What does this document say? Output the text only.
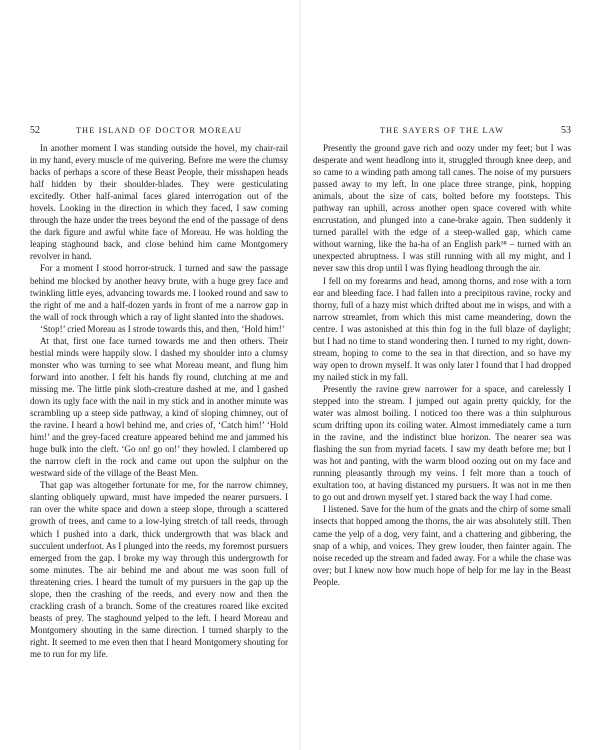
52	THE ISLAND OF DOCTOR MOREAU

In another moment I was standing outside the hovel, my chair-rail in my hand, every muscle of me quivering. Before me were the clumsy backs of perhaps a score of these Beast People, their misshapen heads half hidden by their shoulder-blades. They were gesticulating excitedly. Other half-animal faces glared interrogation out of the hovels. Looking in the direction in which they faced, I saw coming through the haze under the trees beyond the end of the passage of dens the dark figure and awful white face of Moreau. He was holding the leaping staghound back, and close behind him came Montgomery revolver in hand.

For a moment I stood horror-struck. I turned and saw the passage behind me blocked by another heavy brute, with a huge grey face and twinkling little eyes, advancing towards me. I looked round and saw to the right of me and a half-dozen yards in front of me a narrow gap in the wall of rock through which a ray of light slanted into the shadows.

‘Stop!’ cried Moreau as I strode towards this, and then, ‘Hold him!’

At that, first one face turned towards me and then others. Their bestial minds were happily slow. I dashed my shoulder into a clumsy monster who was turning to see what Moreau meant, and flung him forward into another. I felt his hands fly round, clutching at me and missing me. The little pink sloth-creature dashed at me, and I gashed down its ugly face with the nail in my stick and in another minute was scrambling up a steep side pathway, a kind of sloping chimney, out of the ravine. I heard a howl behind me, and cries of, ‘Catch him!’ ‘Hold him!’ and the grey-faced creature appeared behind me and jammed his huge bulk into the cleft. ‘Go on! go on!’ they howled. I clambered up the narrow cleft in the rock and came out upon the sulphur on the westward side of the village of the Beast Men.

That gap was altogether fortunate for me, for the narrow chimney, slanting obliquely upward, must have impeded the nearer pursuers. I ran over the white space and down a steep slope, through a scattered growth of trees, and came to a low-lying stretch of tall reeds, through which I pushed into a dark, thick undergrowth that was black and succulent underfoot. As I plunged into the reeds, my foremost pursuers emerged from the gap. I broke my way through this undergrowth for some minutes. The air behind me and about me was soon full of threatening cries. I heard the tumult of my pursuers in the gap up the slope, then the crashing of the reeds, and every now and then the crackling crash of a branch. Some of the creatures roared like excited beasts of prey. The staghound yelped to the left. I heard Moreau and Montgomery shouting in the same direction. I turned sharply to the right. It seemed to me even then that I heard Montgomery shouting for me to run for my life.

THE SAYERS OF THE LAW	53

Presently the ground gave rich and oozy under my feet; but I was desperate and went headlong into it, struggled through knee deep, and so came to a winding path among tall canes. The noise of my pursuers passed away to my left. In one place three strange, pink, hopping animals, about the size of cats, bolted before my footsteps. This pathway ran uphill, across another open space covered with white encrustation, and plunged into a cane-brake again. Then suddenly it turned parallel with the edge of a steep-walled gap, which came without warning, like the ha-ha of an English park³⁸ – turned with an unexpected abruptness. I was still running with all my might, and I never saw this drop until I was flying headlong through the air.

I fell on my forearms and head, among thorns, and rose with a torn ear and bleeding face. I had fallen into a precipitous ravine, rocky and thorny, full of a hazy mist which drifted about me in wisps, and with a narrow streamlet, from which this mist came meandering, down the centre. I was astonished at this thin fog in the full blaze of daylight; but I had no time to stand wondering then. I turned to my right, down-stream, hoping to come to the sea in that direction, and so have my way open to drown myself. It was only later I found that I had dropped my nailed stick in my fall.

Presently the ravine grew narrower for a space, and carelessly I stepped into the stream. I jumped out again pretty quickly, for the water was almost boiling. I noticed too there was a thin sulphurous scum drifting upon its coiling water. Almost immediately came a turn in the ravine, and the indistinct blue horizon. The nearer sea was flashing the sun from myriad facets. I saw my death before me; but I was hot and panting, with the warm blood oozing out on my face and running pleasantly through my veins. I felt more than a touch of exultation too, at having distanced my pursuers. It was not in me then to go out and drown myself yet. I stared back the way I had come.

I listened. Save for the hum of the gnats and the chirp of some small insects that hopped among the thorns, the air was absolutely still. Then came the yelp of a dog, very faint, and a chattering and gibbering, the snap of a whip, and voices. They grew louder, then fainter again. The noise receded up the stream and faded away. For a while the chase was over; but I knew now how much hope of help for me lay in the Beast People.
